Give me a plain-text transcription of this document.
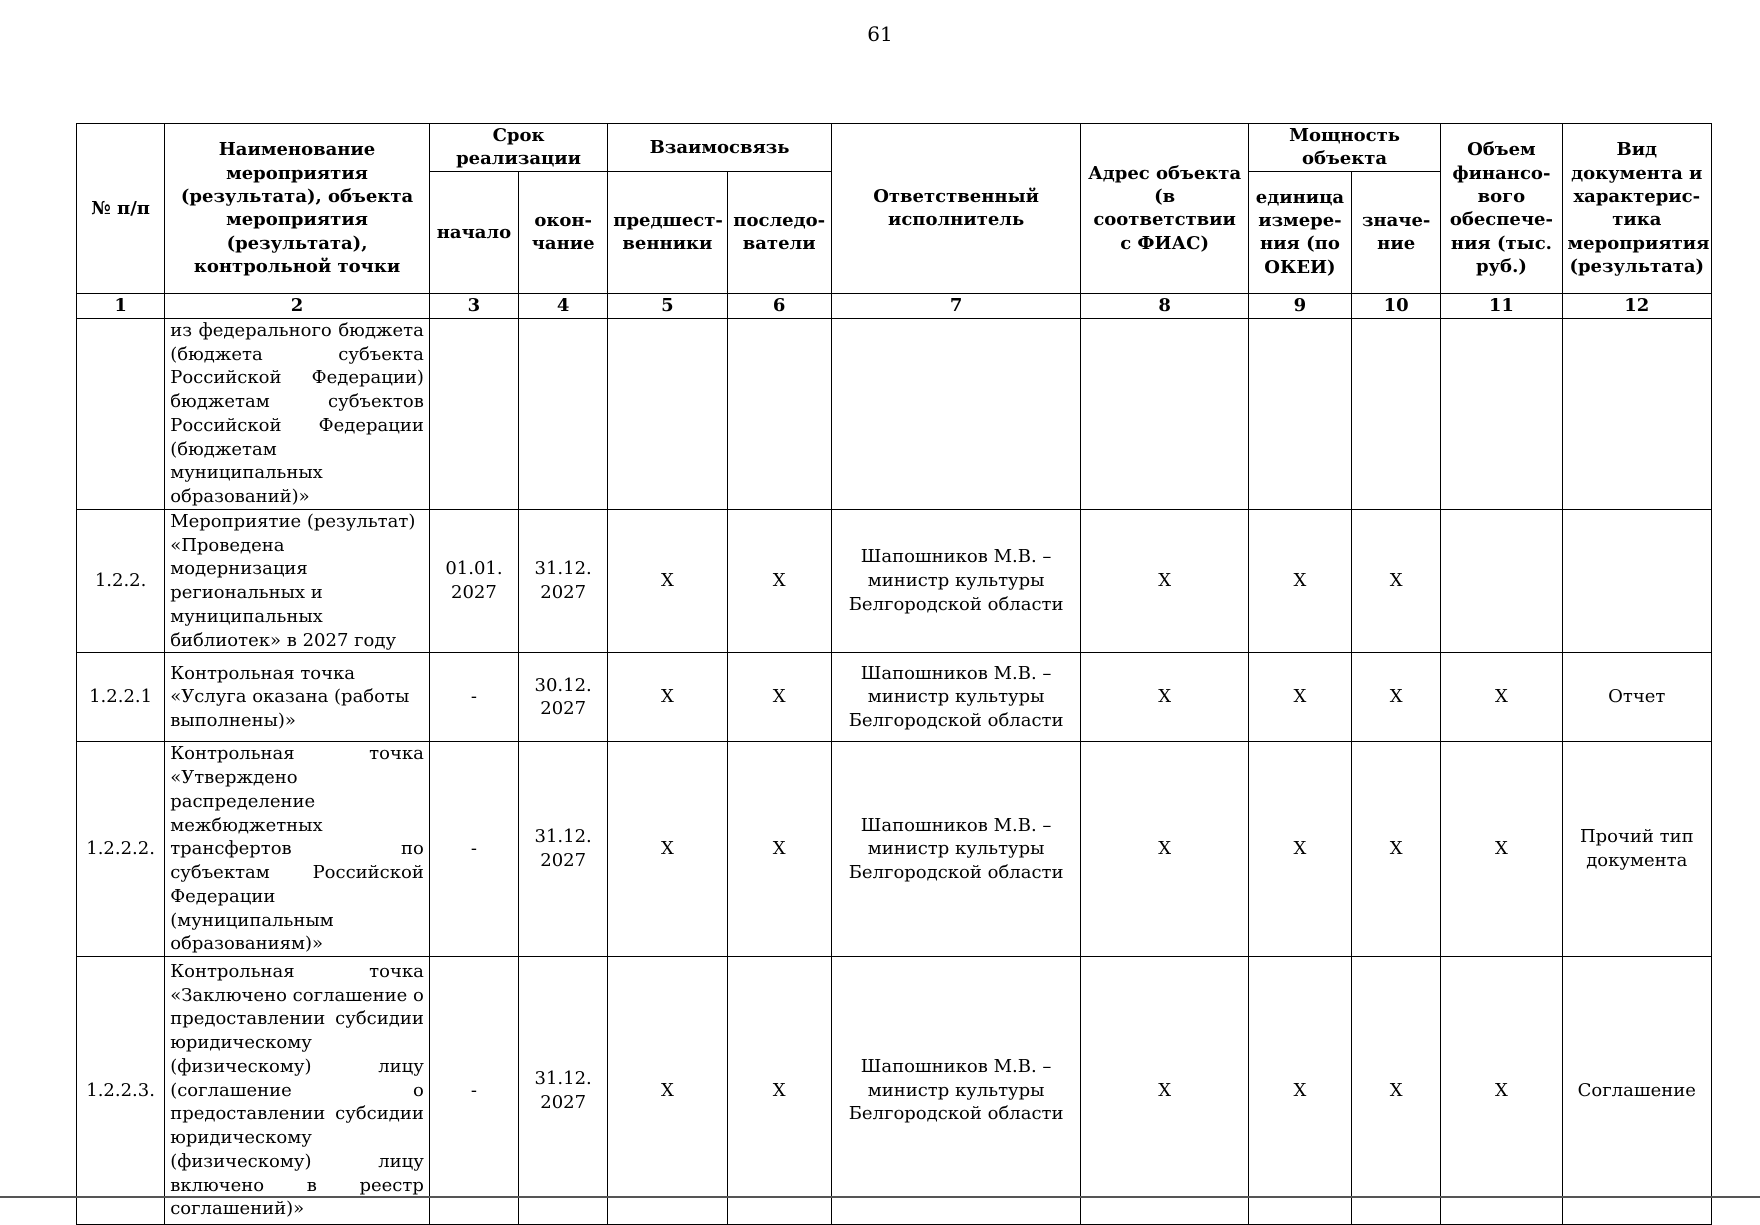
61
№ п/п	Наименование мероприятия (результата), объекта мероприятия (результата), контрольной точки	Срок реализации		Взаимосвязь		Ответственный исполнитель	Адрес объекта (в соответствии с ФИАС)	Мощность объекта		Объем финансо-вого обеспече-ния (тыс. руб.)	Вид документа и характерис-тика мероприятия (результата)
		начало	окон-чание	предшест-венники	последо-ватели			единица измере-ния (по ОКЕИ)	значе-ние		
1	2	3	4	5	6	7	8	9	10	11	12
	из федерального бюджета (бюджета субъекта Российской Федерации) бюджетам субъектов Российской Федерации (бюджетам муниципальных образований)»										
1.2.2.	Мероприятие (результат) «Проведена модернизация региональных и муниципальных библиотек» в 2027 году	01.01. 2027	31.12. 2027	Х	Х	Шапошников М.В. – министр культуры Белгородской области	Х	Х	Х		
1.2.2.1	Контрольная точка «Услуга оказана (работы выполнены)»	-	30.12. 2027	Х	Х	Шапошников М.В. – министр культуры Белгородской области	Х	Х	Х	Х	Отчет
1.2.2.2.	Контрольная точка «Утверждено распределение межбюджетных трансфертов по субъектам Российской Федерации (муниципальным образованиям)»	-	31.12. 2027	Х	Х	Шапошников М.В. – министр культуры Белгородской области	Х	Х	Х	Х	Прочий тип документа
1.2.2.3.	Контрольная точка «Заключено соглашение о предоставлении субсидии юридическому (физическому) лицу (соглашение о предоставлении субсидии юридическому (физическому) лицу включено в реестр соглашений)»	-	31.12. 2027	Х	Х	Шапошников М.В. – министр культуры Белгородской области	Х	Х	Х	Х	Соглашение
